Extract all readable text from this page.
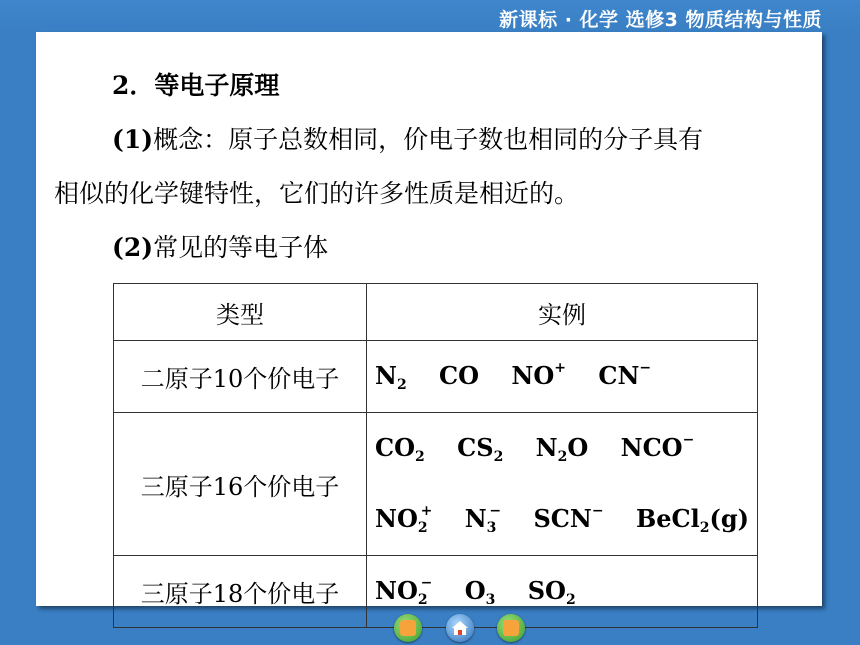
新课标 · 化学 选修3 物质结构与性质
2．等电子原理
(1)概念：原子总数相同，价电子数也相同的分子具有
相似的化学键特性，它们的许多性质是相近的。
(2)常见的等电子体
类型	实例
二原子10个价电子	$N_2$ CO NO+ CN−

三原子16个价电子	$CO_2$ $CS_2$ $N_2O$ NCO−
$NO_2^+$ $N_3^-$ SCN− BeCl$_2$(g)

三原子18个价电子	$NO_2^-$ $O_3$ $SO_2$
